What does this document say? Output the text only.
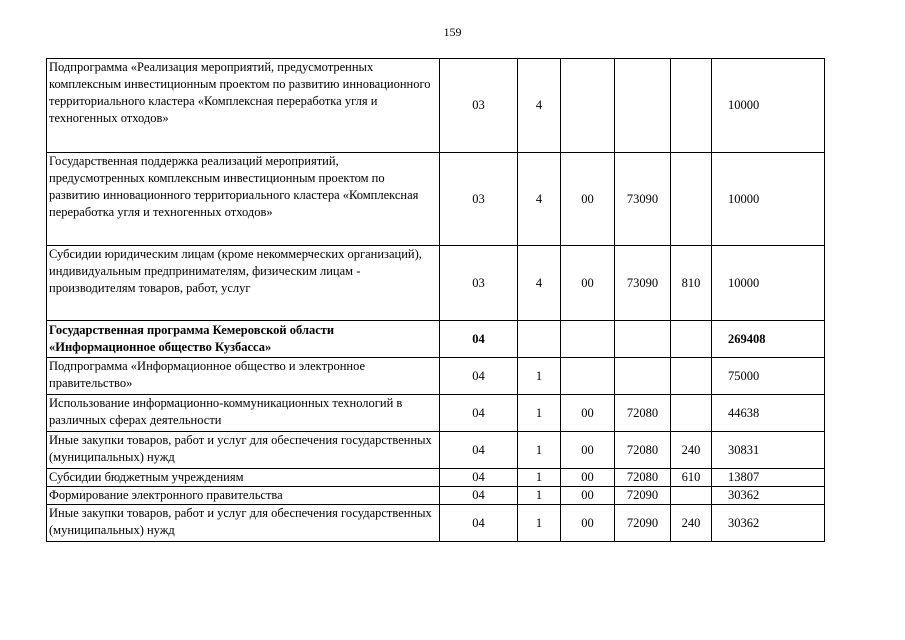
159
Подпрограмма «Реализация мероприятий, предусмотренных комплексным инвестиционным проектом по развитию инновационного территориального кластера «Комплексная переработка угля и техногенных отходов»	03	4				10000
Государственная поддержка реализаций мероприятий, предусмотренных комплексным инвестиционным проектом по развитию инновационного территориального кластера «Комплексная переработка угля и техногенных отходов»	03	4	00	73090		10000
Субсидии юридическим лицам (кроме некоммерческих организаций), индивидуальным предпринимателям, физическим лицам - производителям товаров, работ, услуг	03	4	00	73090	810	10000
Государственная программа Кемеровской области «Информационное общество Кузбасса»	04					269408
Подпрограмма «Информационное общество и электронное правительство»	04	1				75000
Использование информационно-коммуникационных технологий в различных сферах деятельности	04	1	00	72080		44638
Иные закупки товаров, работ и услуг для обеспечения государственных (муниципальных) нужд	04	1	00	72080	240	30831
Субсидии бюджетным учреждениям	04	1	00	72080	610	13807
Формирование электронного правительства	04	1	00	72090		30362
Иные закупки товаров, работ и услуг для обеспечения государственных (муниципальных) нужд	04	1	00	72090	240	30362
